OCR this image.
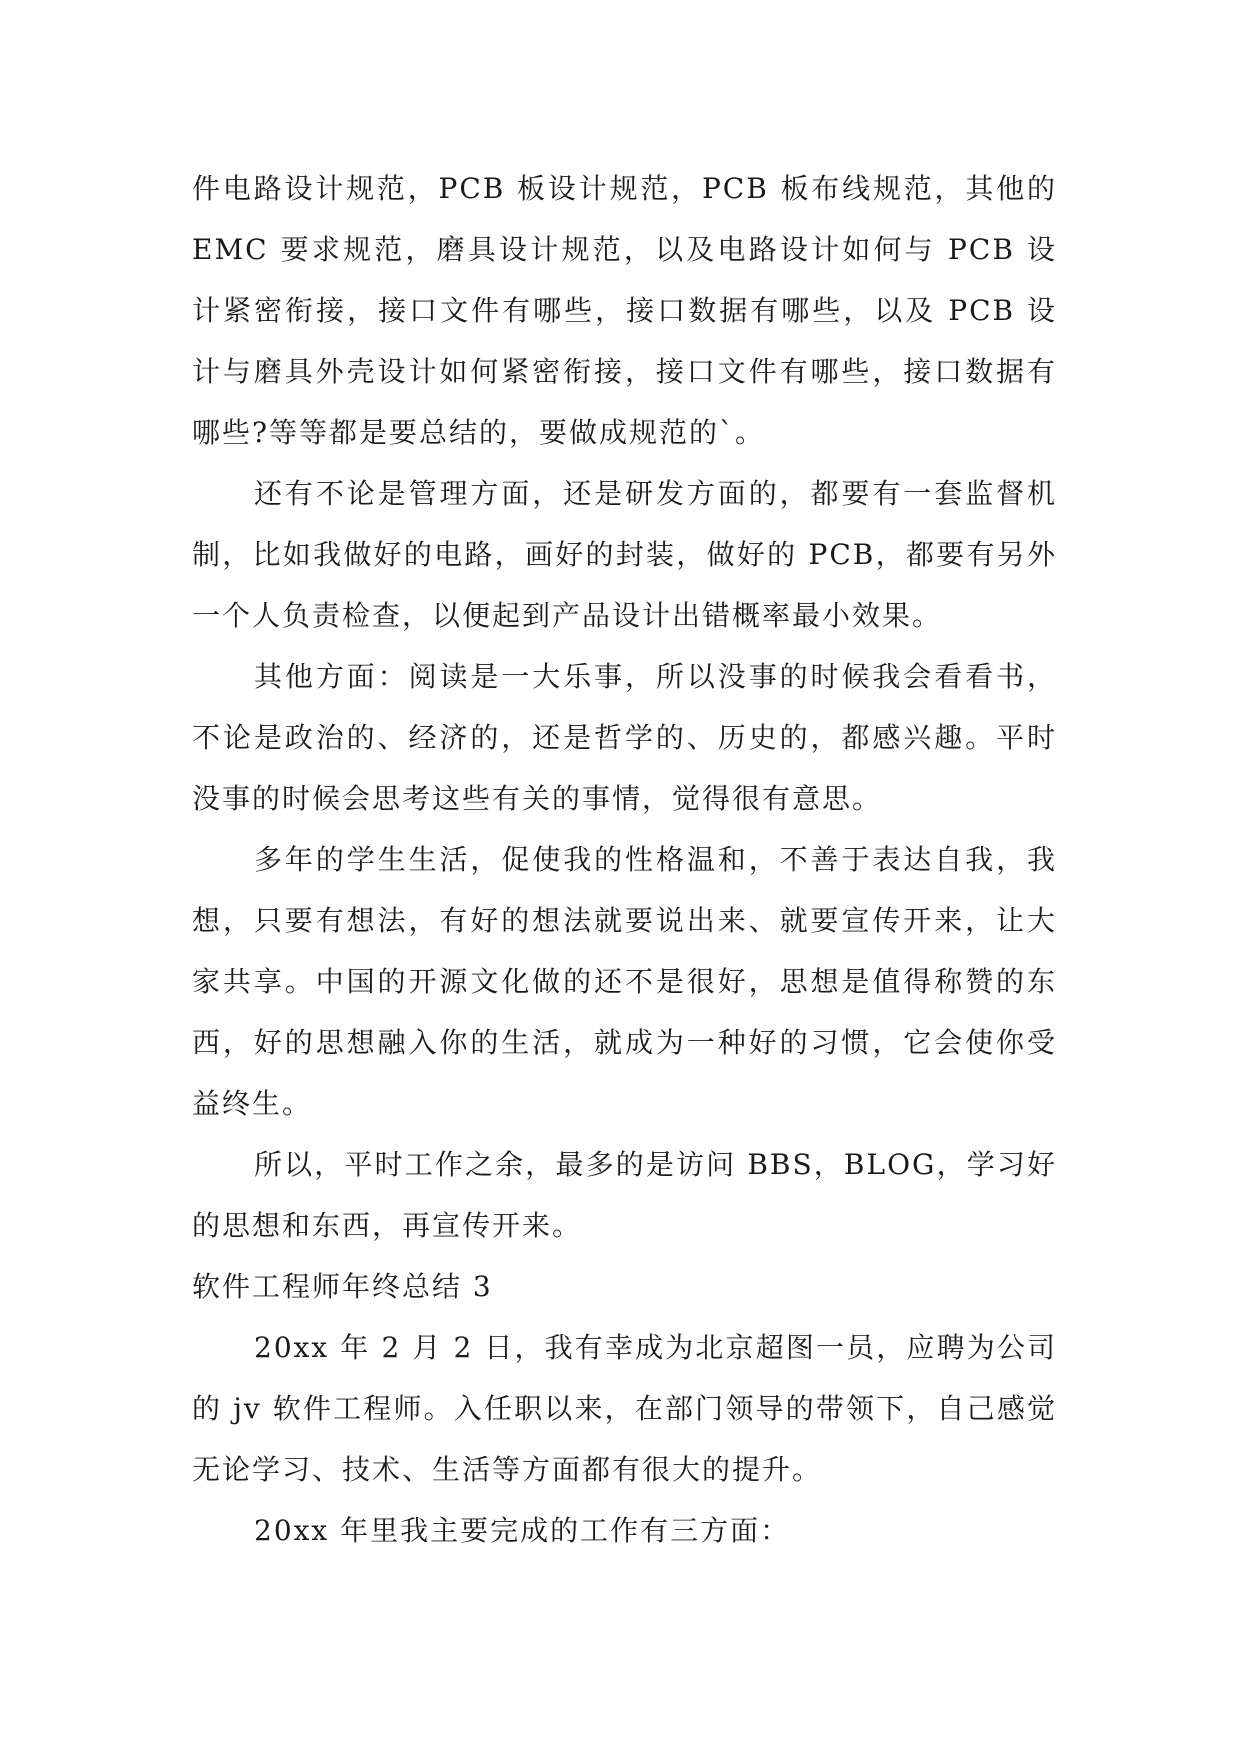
件电路设计规范，PCB 板设计规范，PCB 板布线规范，其他的EMC 要求规范，磨具设计规范，以及电路设计如何与 PCB 设计紧密衔接，接口文件有哪些，接口数据有哪些，以及 PCB 设计与磨具外壳设计如何紧密衔接，接口文件有哪些，接口数据有哪些?等等都是要总结的，要做成规范的`。

还有不论是管理方面，还是研发方面的，都要有一套监督机制，比如我做好的电路，画好的封装，做好的 PCB，都要有另外一个人负责检查，以便起到产品设计出错概率最小效果。

其他方面：阅读是一大乐事，所以没事的时候我会看看书，不论是政治的、经济的，还是哲学的、历史的，都感兴趣。平时没事的时候会思考这些有关的事情，觉得很有意思。

多年的学生生活，促使我的性格温和，不善于表达自我，我想，只要有想法，有好的想法就要说出来、就要宣传开来，让大家共享。中国的开源文化做的还不是很好，思想是值得称赞的东西，好的思想融入你的生活，就成为一种好的习惯，它会使你受益终生。

所以，平时工作之余，最多的是访问 BBS，BLOG，学习好的思想和东西，再宣传开来。

软件工程师年终总结 3

20xx 年 2 月 2 日，我有幸成为北京超图一员，应聘为公司的 jv 软件工程师。入任职以来，在部门领导的带领下，自己感觉无论学习、技术、生活等方面都有很大的提升。

20xx 年里我主要完成的工作有三方面：
